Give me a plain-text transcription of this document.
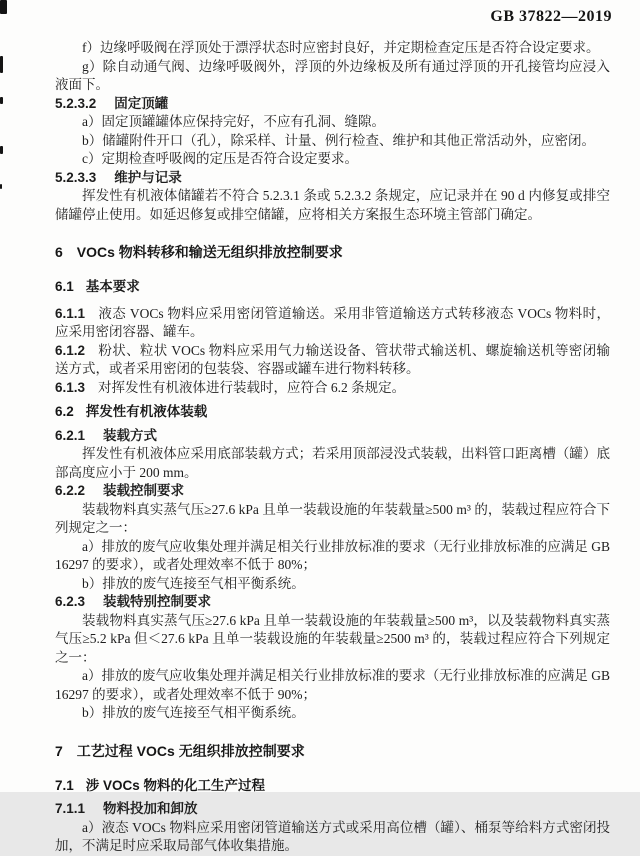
GB 37822—2019

f）边缘呼吸阀在浮顶处于漂浮状态时应密封良好，并定期检查定压是否符合设定要求。

g）除自动通气阀、边缘呼吸阀外，浮顶的外边缘板及所有通过浮顶的开孔接管均应浸入液面下。

5.2.3.2 固定顶罐

a）固定顶罐罐体应保持完好，不应有孔洞、缝隙。

b）储罐附件开口（孔），除采样、计量、例行检查、维护和其他正常活动外，应密闭。

c）定期检查呼吸阀的定压是否符合设定要求。

5.2.3.3 维护与记录

挥发性有机液体储罐若不符合 5.2.3.1 条或 5.2.3.2 条规定，应记录并在 90 d 内修复或排空储罐停止使用。如延迟修复或排空储罐，应将相关方案报生态环境主管部门确定。

6 VOCs 物料转移和输送无组织排放控制要求

6.1 基本要求

6.1.1 液态 VOCs 物料应采用密闭管道输送。采用非管道输送方式转移液态 VOCs 物料时，应采用密闭容器、罐车。

6.1.2 粉状、粒状 VOCs 物料应采用气力输送设备、管状带式输送机、螺旋输送机等密闭输送方式，或者采用密闭的包装袋、容器或罐车进行物料转移。

6.1.3 对挥发性有机液体进行装载时，应符合 6.2 条规定。

6.2 挥发性有机液体装载

6.2.1 装载方式

挥发性有机液体应采用底部装载方式；若采用顶部浸没式装载，出料管口距离槽（罐）底部高度应小于 200 mm。

6.2.2 装载控制要求

装载物料真实蒸气压≥27.6 kPa 且单一装载设施的年装载量≥500 m³ 的，装载过程应符合下列规定之一：

a）排放的废气应收集处理并满足相关行业排放标准的要求（无行业排放标准的应满足 GB 16297 的要求），或者处理效率不低于 80%；

b）排放的废气连接至气相平衡系统。

6.2.3 装载特别控制要求

装载物料真实蒸气压≥27.6 kPa 且单一装载设施的年装载量≥500 m³，以及装载物料真实蒸气压≥5.2 kPa 但＜27.6 kPa 且单一装载设施的年装载量≥2500 m³ 的，装载过程应符合下列规定之一：

a）排放的废气应收集处理并满足相关行业排放标准的要求（无行业排放标准的应满足 GB 16297 的要求），或者处理效率不低于 90%；

b）排放的废气连接至气相平衡系统。

7 工艺过程 VOCs 无组织排放控制要求

7.1 涉 VOCs 物料的化工生产过程

7.1.1 物料投加和卸放

a）液态 VOCs 物料应采用密闭管道输送方式或采用高位槽（罐）、桶泵等给料方式密闭投加，不满足时应采取局部气体收集措施。
